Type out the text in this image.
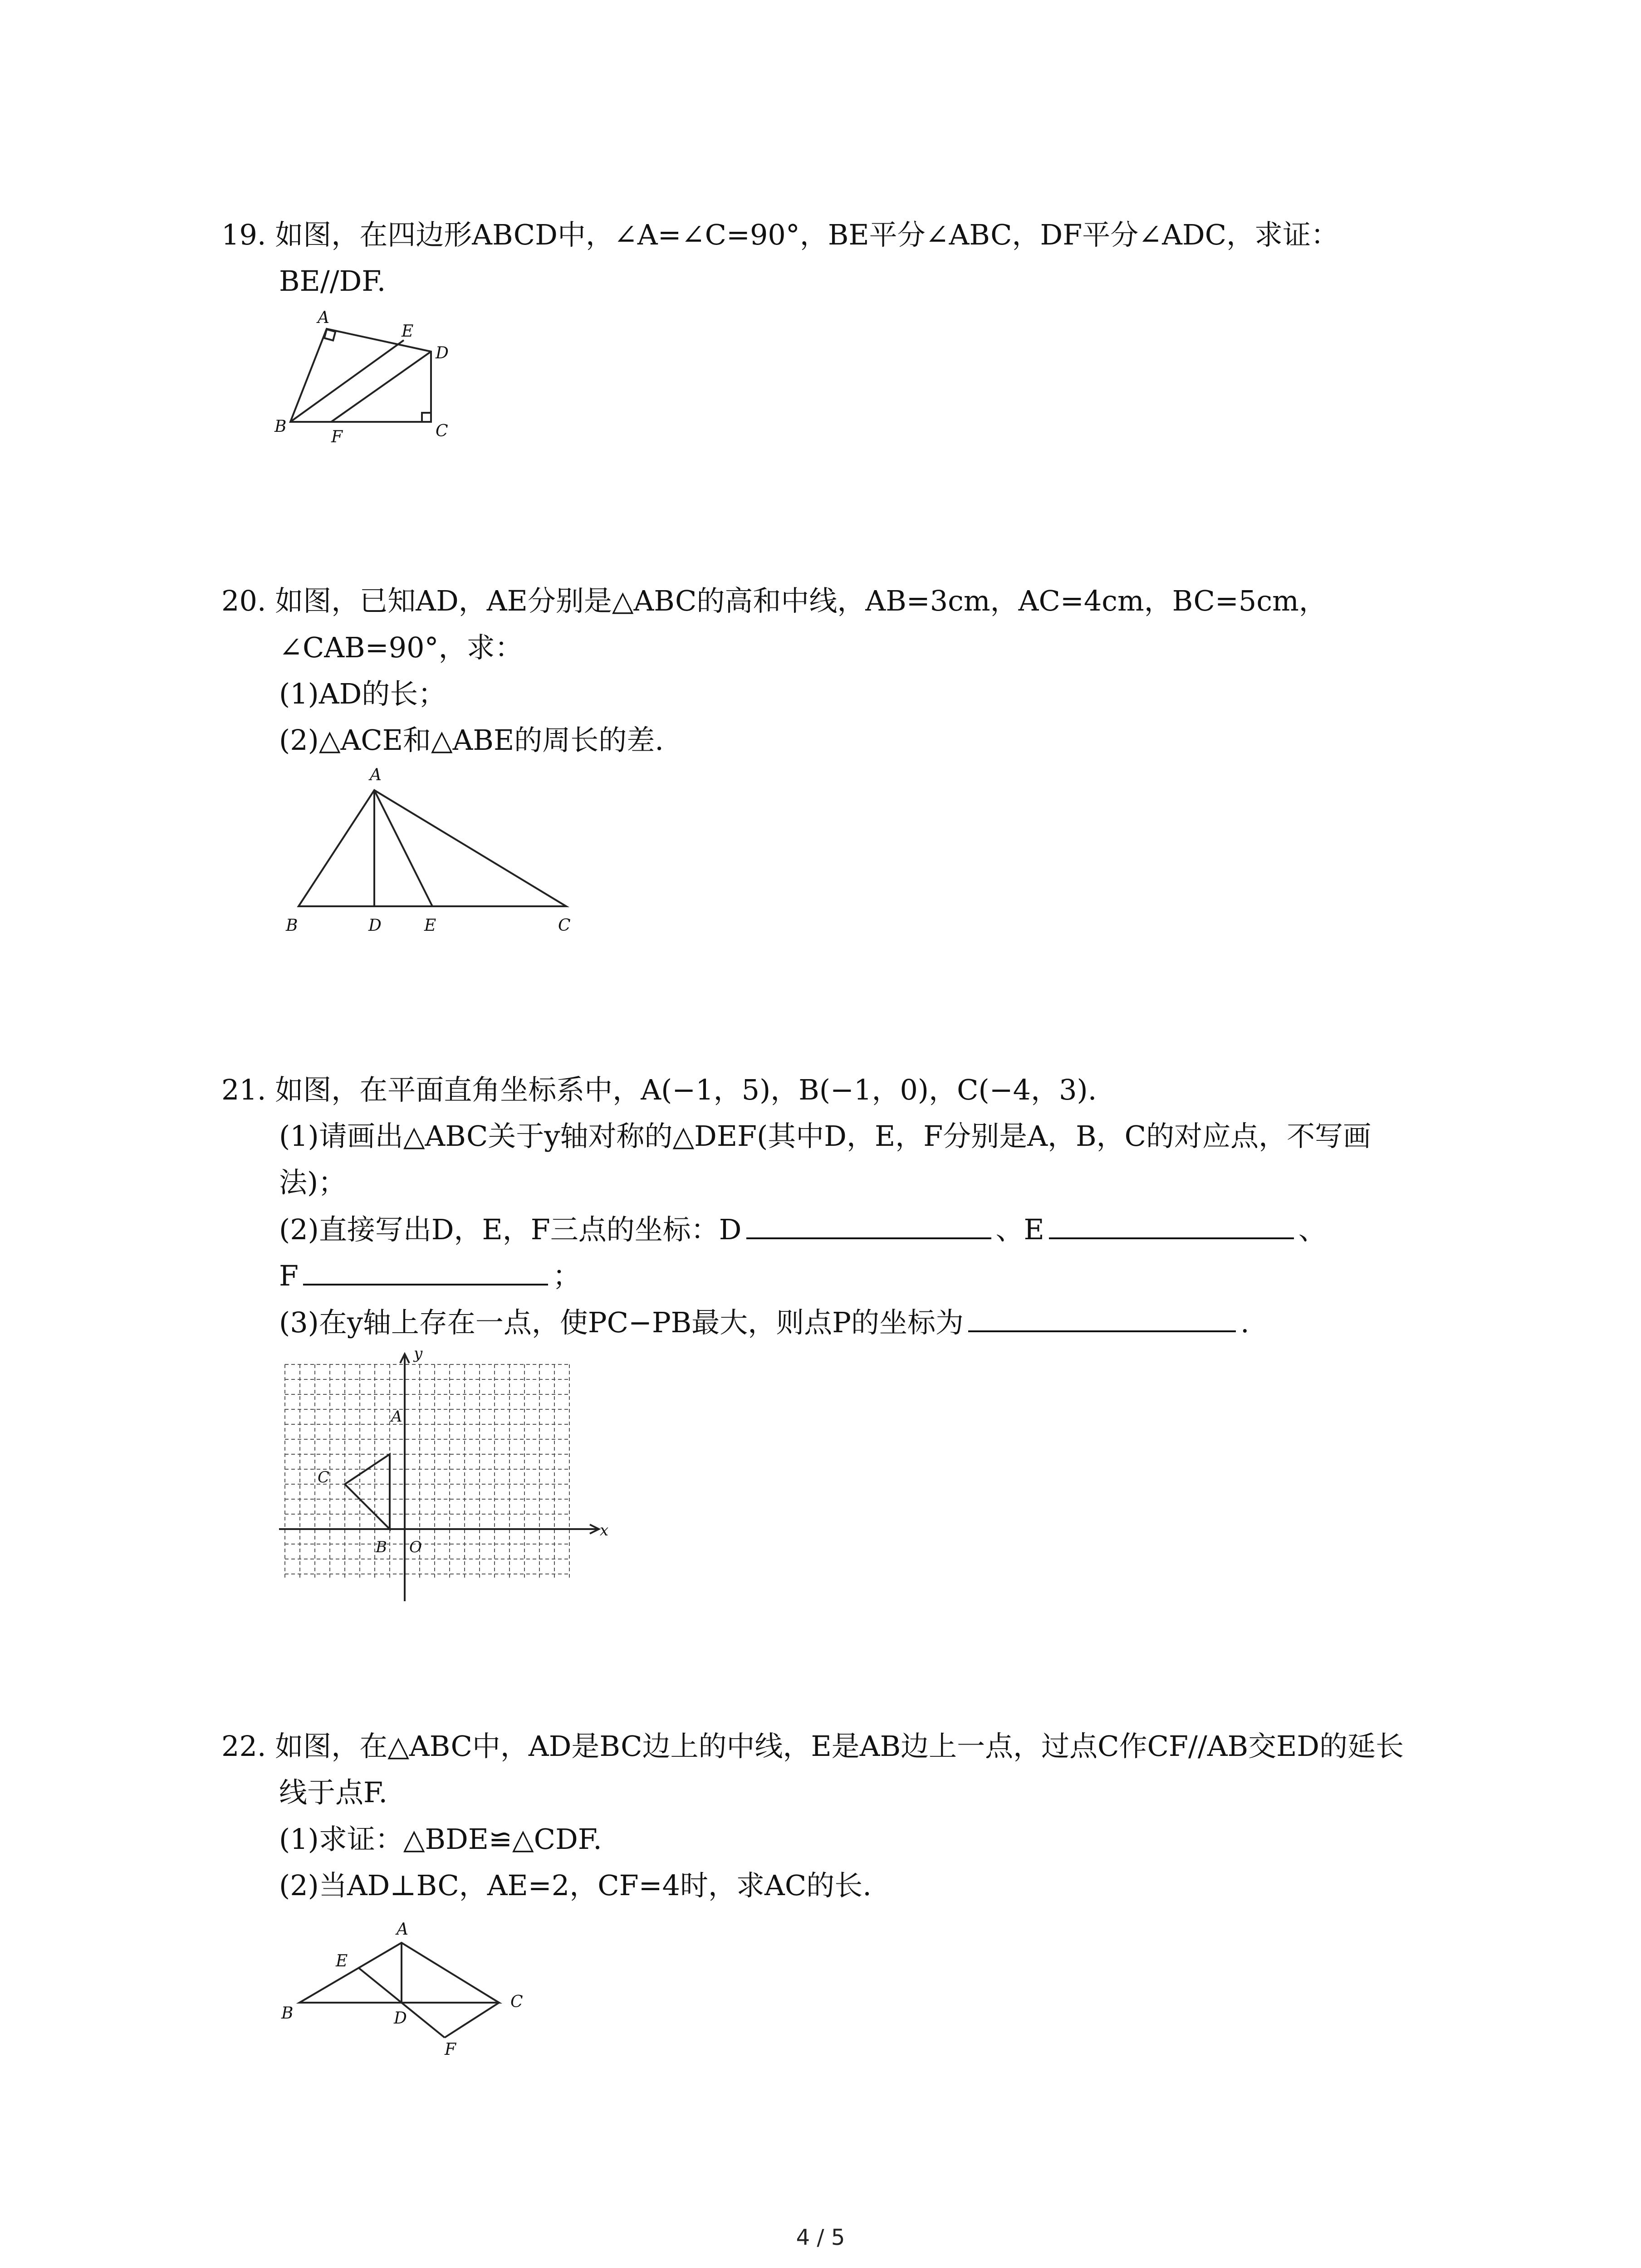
19. 如图，在四边形ABCD中，∠A=∠C=90°，BE平分∠ABC，DF平分∠ADC，求证：
BE//DF.
A
B	C
D
E
F
20. 如图，已知AD，AE分别是△ABC的高和中线，AB=3cm，AC=4cm，BC=5cm，
∠CAB=90°，求：
(1)AD的长；
(2)△ACE和△ABE的周长的差.
A
B	D	E	C
21. 如图，在平面直角坐标系中，A(−1，5)，B(−1，0)，C(−4，3).
(1)请画出△ABC关于y轴对称的△DEF(其中D，E，F分别是A，B，C的对应点，不写画
法)；
(2)直接写出D，E，F三点的坐标：D	、E	、
F	；
(3)在y轴上存在一点，使PC−PB最大，则点P的坐标为	.
A
B
C
O
x
y
22. 如图，在△ABC中，AD是BC边上的中线，E是AB边上一点，过点C作CF//AB交ED的延长
线于点F.
(1)求证：△BDE≌△CDF.
(2)当AD⊥BC，AE=2，CF=4时，求AC的长.
A
B
C
D
E
F
4 / 5
